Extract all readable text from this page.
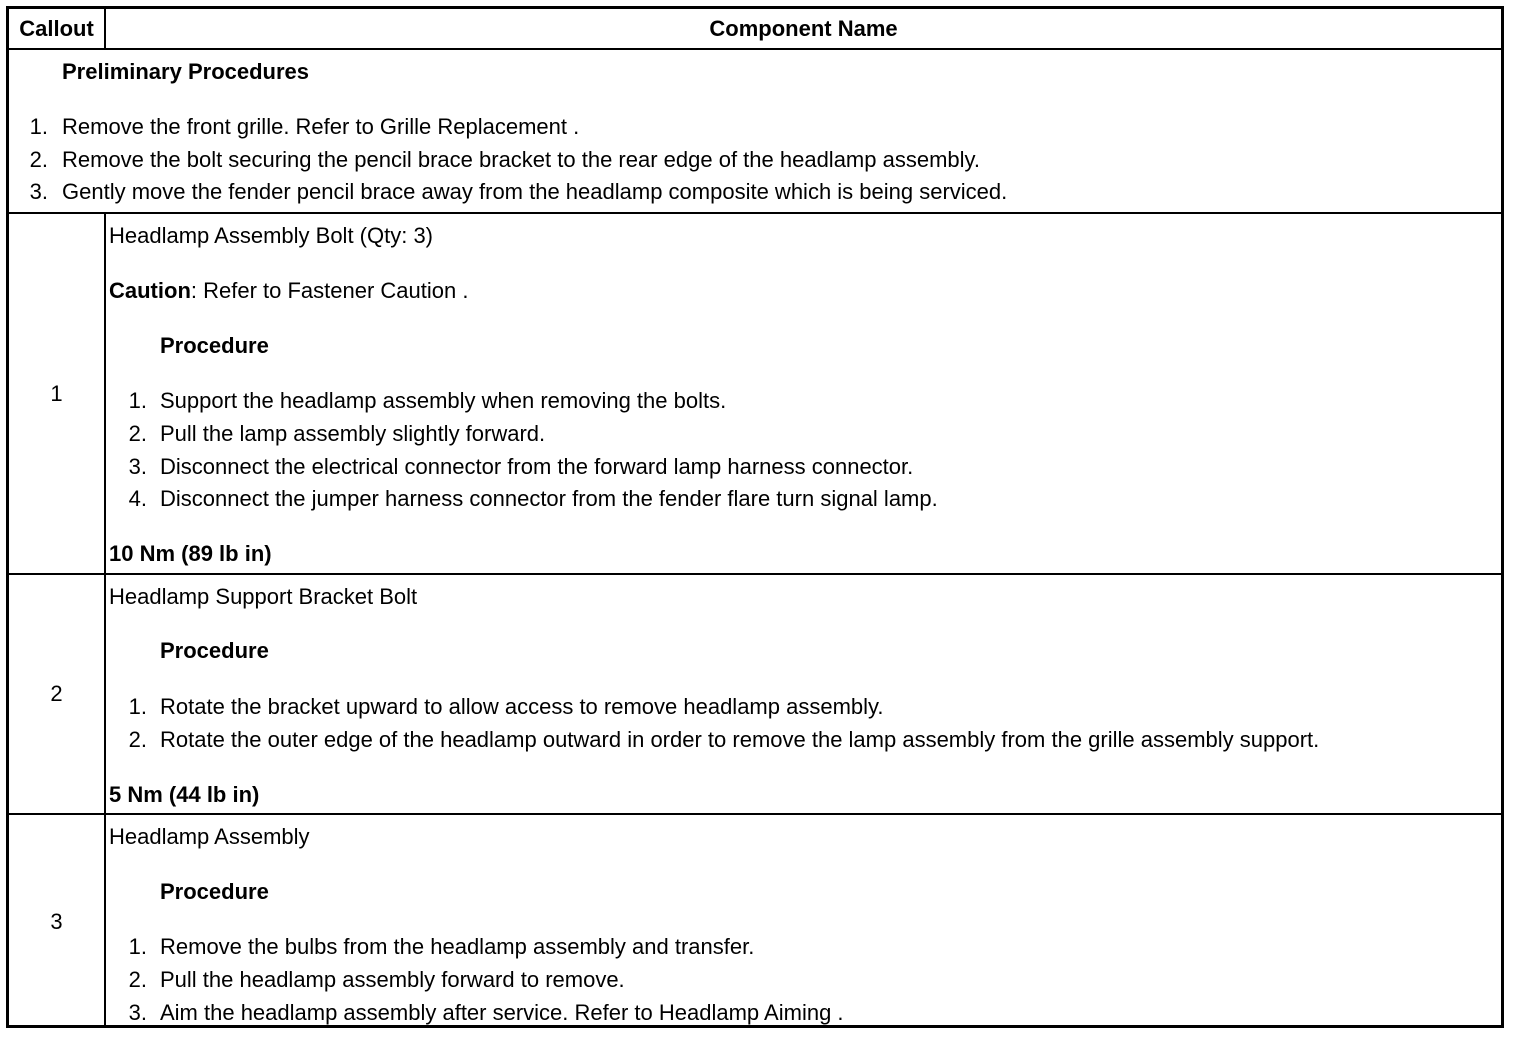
Callout	Component Name
Preliminary Procedures
1. Remove the front grille. Refer to Grille Replacement .
2. Remove the bolt securing the pencil brace bracket to the rear edge of the headlamp assembly.
3. Gently move the fender pencil brace away from the headlamp composite which is being serviced.
1
Headlamp Assembly Bolt (Qty: 3)
Caution: Refer to Fastener Caution .
Procedure
1. Support the headlamp assembly when removing the bolts.
2. Pull the lamp assembly slightly forward.
3. Disconnect the electrical connector from the forward lamp harness connector.
4. Disconnect the jumper harness connector from the fender flare turn signal lamp.
10 Nm (89 lb in)
2
Headlamp Support Bracket Bolt
Procedure
1. Rotate the bracket upward to allow access to remove headlamp assembly.
2. Rotate the outer edge of the headlamp outward in order to remove the lamp assembly from the grille assembly support.
5 Nm (44 lb in)
3
Headlamp Assembly
Procedure
1. Remove the bulbs from the headlamp assembly and transfer.
2. Pull the headlamp assembly forward to remove.
3. Aim the headlamp assembly after service. Refer to Headlamp Aiming .
